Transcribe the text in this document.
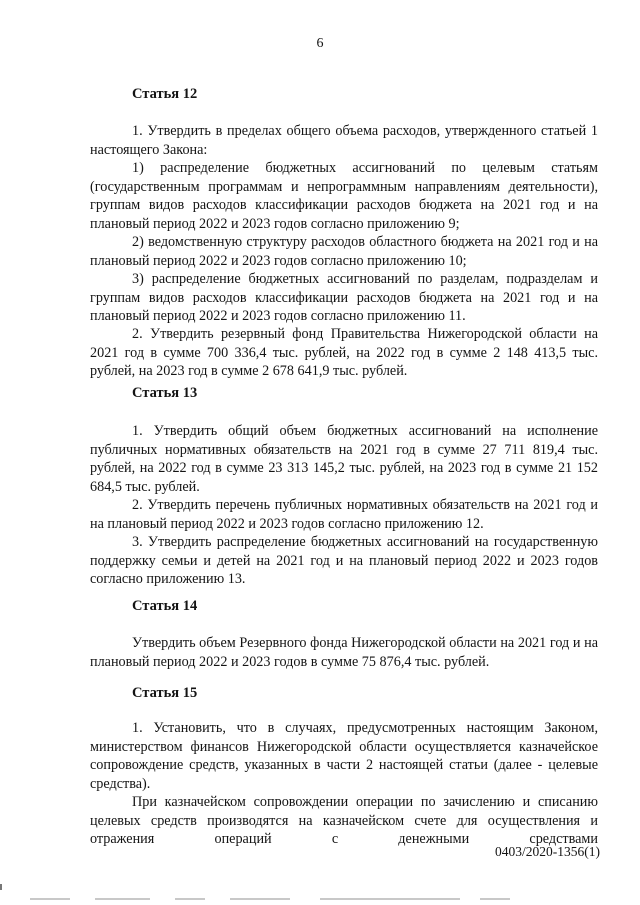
6
Статья 12

1. Утвердить в пределах общего объема расходов, утвержденного статьей 1 настоящего Закона:

1) распределение бюджетных ассигнований по целевым статьям (государственным программам и непрограммным направлениям деятельности), группам видов расходов классификации расходов бюджета на 2021 год и на плановый период 2022 и 2023 годов согласно приложению 9;

2) ведомственную структуру расходов областного бюджета на 2021 год и на плановый период 2022 и 2023 годов согласно приложению 10;

3) распределение бюджетных ассигнований по разделам, подразделам и группам видов расходов классификации расходов бюджета на 2021 год и на плановый период 2022 и 2023 годов согласно приложению 11.

2. Утвердить резервный фонд Правительства Нижегородской области на 2021 год в сумме 700 336,4 тыс. рублей, на 2022 год в сумме 2 148 413,5 тыс. рублей, на 2023 год в сумме 2 678 641,9 тыс. рублей.

Статья 13

1. Утвердить общий объем бюджетных ассигнований на исполнение публичных нормативных обязательств на 2021 год в сумме 27 711 819,4 тыс. рублей, на 2022 год в сумме 23 313 145,2 тыс. рублей, на 2023 год в сумме 21 152 684,5 тыс. рублей.

2. Утвердить перечень публичных нормативных обязательств на 2021 год и на плановый период 2022 и 2023 годов согласно приложению 12.

3. Утвердить распределение бюджетных ассигнований на государственную поддержку семьи и детей на 2021 год и на плановый период 2022 и 2023 годов согласно приложению 13.

Статья 14

Утвердить объем Резервного фонда Нижегородской области на 2021 год и на плановый период 2022 и 2023 годов в сумме 75 876,4 тыс. рублей.

Статья 15

1. Установить, что в случаях, предусмотренных настоящим Законом, министерством финансов Нижегородской области осуществляется казначейское сопровождение средств, указанных в части 2 настоящей статьи (далее - целевые средства).

При казначейском сопровождении операции по зачислению и списанию целевых средств производятся на казначейском счете для осуществления и отражения операций с денежными средствами

0403/2020-1356(1)
